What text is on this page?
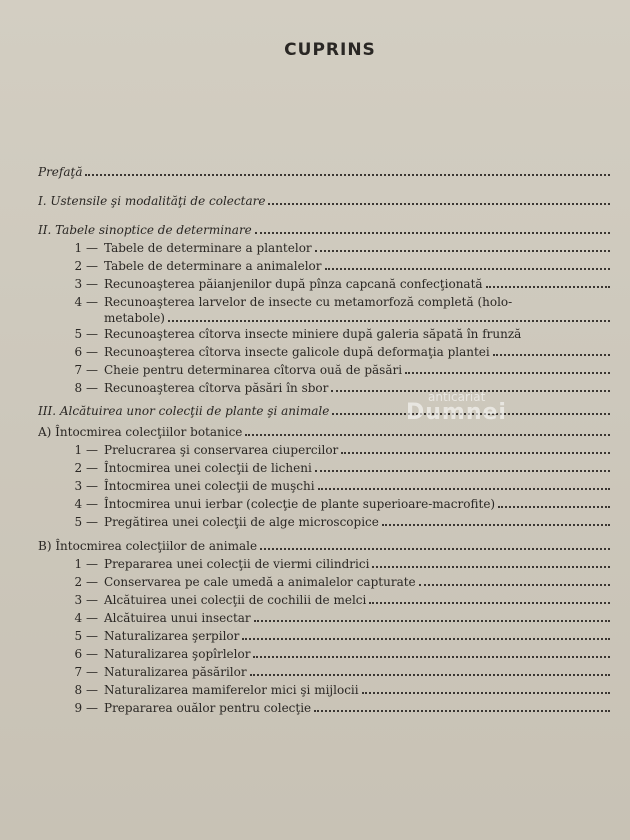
CUPRINS
Prefaţă
I. Ustensile şi modalităţi de colectare
II. Tabele sinoptice de determinare
1 — Tabele de determinare a plantelor
2 — Tabele de determinare a animalelor
3 — Recunoaşterea păianjenilor după pînza capcană confecţionată
4 — Recunoaşterea larvelor de insecte cu metamorfoză completă (holo-
metabole)
5 — Recunoaşterea cîtorva insecte miniere după galeria săpată în frunză
6 — Recunoaşterea cîtorva insecte galicole după deformaţia plantei
7 — Cheie pentru determinarea cîtorva ouă de păsări
8 — Recunoaşterea cîtorva păsări în sbor
III. Alcătuirea unor colecţii de plante şi animale
A) Întocmirea colecţiilor botanice
1 — Prelucrarea şi conservarea ciupercilor
2 — Întocmirea unei colecţii de licheni
3 — Întocmirea unei colecţii de muşchi
4 — Întocmirea unui ierbar (colecţie de plante superioare-macrofite)
5 — Pregătirea unei colecţii de alge microscopice
B) Întocmirea colecţiilor de animale
1 — Prepararea unei colecţii de viermi cilindrici
2 — Conservarea pe cale umedă a animalelor capturate
3 — Alcătuirea unei colecţii de cochilii de melci
4 — Alcătuirea unui insectar
5 — Naturalizarea şerpilor
6 — Naturalizarea şopîrlelor
7 — Naturalizarea păsărilor
8 — Naturalizarea mamiferelor mici şi mijlocii
9 — Prepararea ouălor pentru colecţie
anticariat
Dumnei
